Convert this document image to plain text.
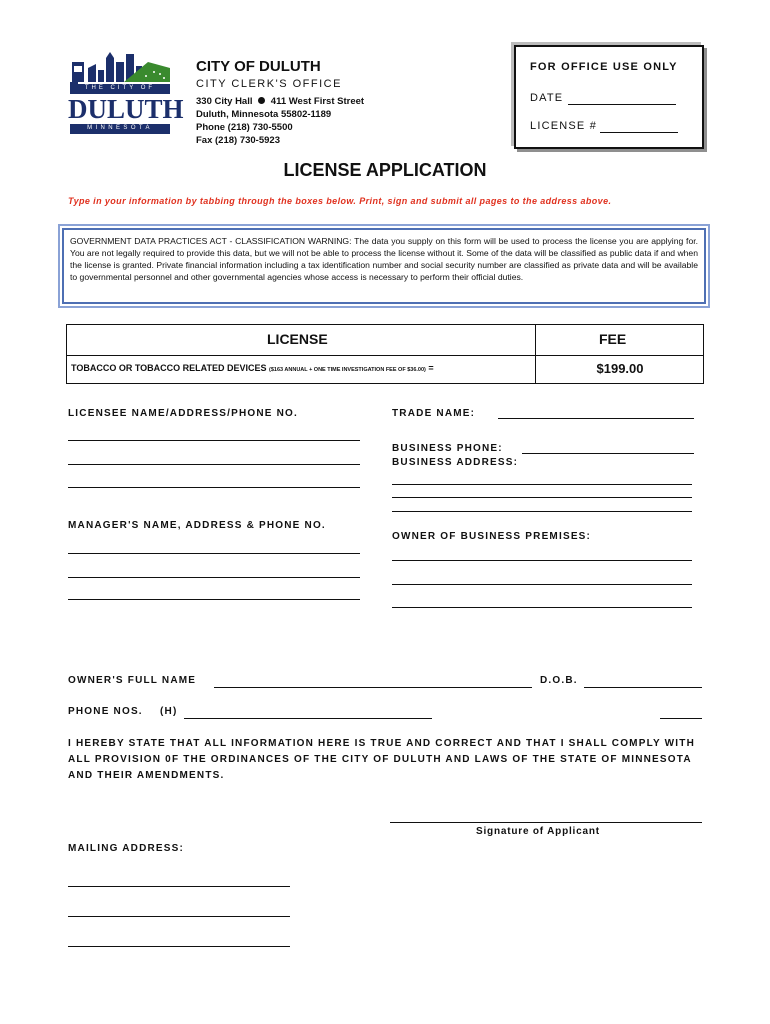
THE CITY OF
DULUTH
MINNESOTA
CITY OF DULUTH
CITY CLERK'S OFFICE
330 City Hall 411 West First Street
Duluth, Minnesota 55802-1189
Phone (218) 730-5500
Fax (218) 730-5923
FOR OFFICE USE ONLY
DATE
LICENSE #
LICENSE APPLICATION
Type in your information by tabbing through the boxes below. Print, sign and submit all pages to the address above.

GOVERNMENT DATA PRACTICES ACT - CLASSIFICATION WARNING: The data you supply on this form will be used to process the license you are applying for. You are not legally required to provide this data, but we will not be able to process the license without it. Some of the data will be classified as public data if and when the license is granted. Private financial information including a tax identification number and social security number are classified as private data and will be available to governmental personnel and other governmental agencies whose access is necessary to perform their official duties.

LICENSE	FEE
TOBACCO OR TOBACCO RELATED DEVICES ($163 ANNUAL + ONE TIME INVESTIGATION FEE OF $36.00) =	$199.00
LICENSEE NAME/ADDRESS/PHONE NO.	TRADE NAME:
BUSINESS PHONE:
BUSINESS ADDRESS:
MANAGER'S NAME, ADDRESS & PHONE NO.
OWNER OF BUSINESS PREMISES:
OWNER'S FULL NAME	D.O.B.
PHONE NOS. (H)
I HEREBY STATE THAT ALL INFORMATION HERE IS TRUE AND CORRECT AND THAT I SHALL COMPLY WITH ALL PROVISION 0F THE ORDINANCES OF THE CITY OF DULUTH AND LAWS OF THE STATE OF MINNESOTA AND THEIR AMENDMENTS.
Signature of Applicant
MAILING ADDRESS:
